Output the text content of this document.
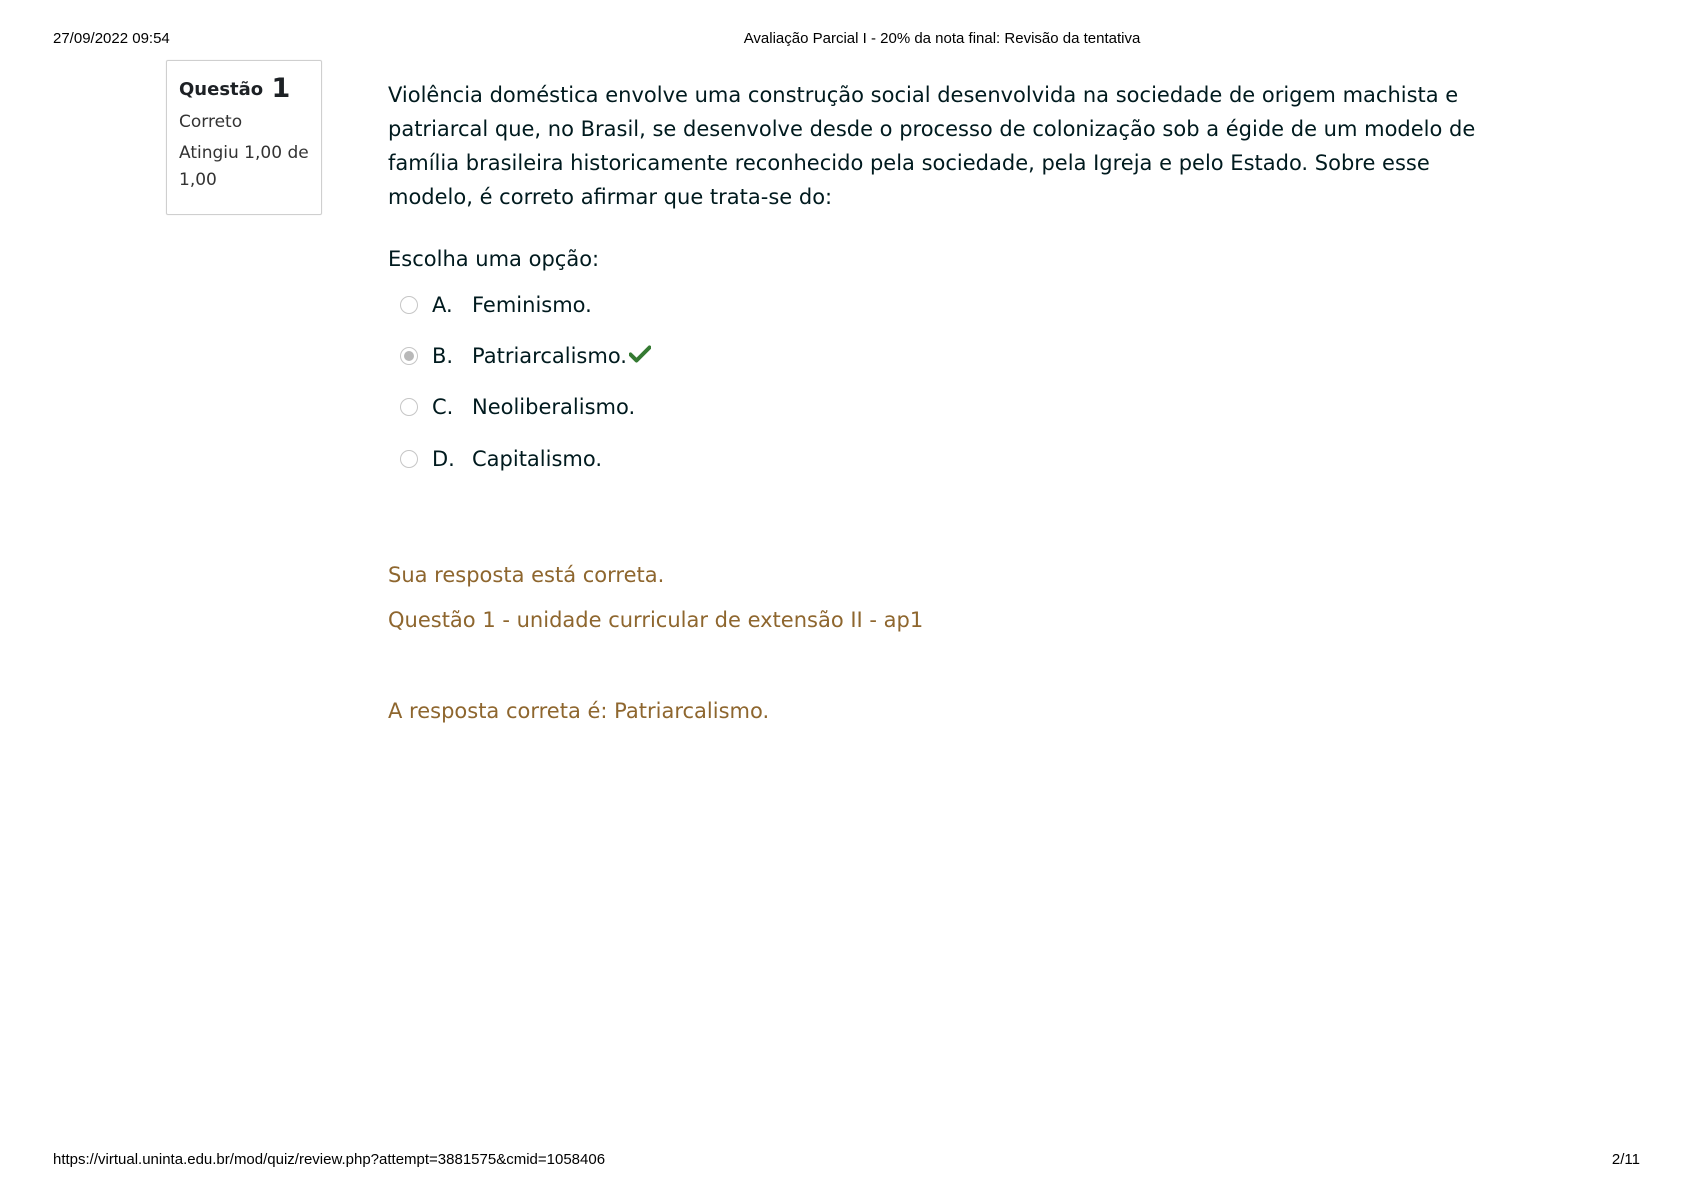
27/09/2022 09:54	Avaliação Parcial I - 20% da nota final: Revisão da tentativa
Questão 1
Correto
Atingiu 1,00 de 1,00
Violência doméstica envolve uma construção social desenvolvida na sociedade de origem machista e patriarcal que, no Brasil, se desenvolve desde o processo de colonização sob a égide de um modelo de família brasileira historicamente reconhecido pela sociedade, pela Igreja e pelo Estado. Sobre esse modelo, é correto afirmar que trata-se do:
Escolha uma opção:
A. Feminismo.
B. Patriarcalismo.
C. Neoliberalismo.
D. Capitalismo.
Sua resposta está correta.
Questão 1 - unidade curricular de extensão II - ap1
A resposta correta é: Patriarcalismo.
https://virtual.uninta.edu.br/mod/quiz/review.php?attempt=3881575&cmid=1058406	2/11
